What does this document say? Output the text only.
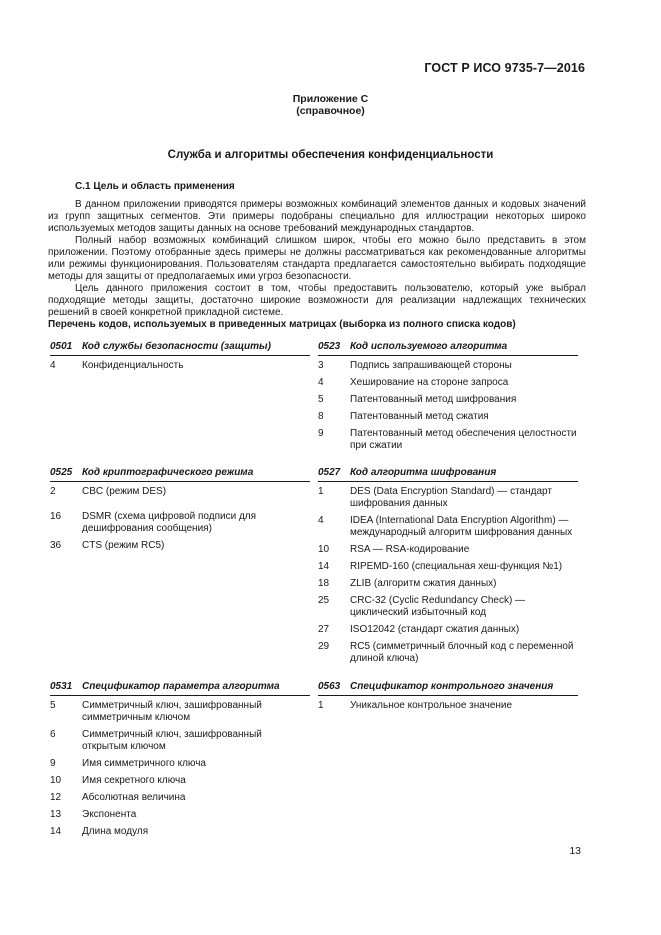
ГОСТ Р ИСО 9735-7—2016
Приложение С
(справочное)
Служба и алгоритмы обеспечения конфиденциальности
С.1 Цель и область применения

В данном приложении приводятся примеры возможных комбинаций элементов данных и кодовых значений из групп защитных сегментов. Эти примеры подобраны специально для иллюстрации некоторых широко используемых методов защиты данных на основе требований международных стандартов.

Полный набор возможных комбинаций слишком широк, чтобы его можно было представить в этом приложении. Поэтому отобранные здесь примеры не должны рассматриваться как рекомендованные алгоритмы или режимы функционирования. Пользователям стандарта предлагается самостоятельно выбирать подходящие методы для защиты от предполагаемых ими угроз безопасности.

Цель данного приложения состоит в том, чтобы предоставить пользователю, который уже выбрал подходящие методы защиты, достаточно широкие возможности для реализации надлежащих технических решений в своей конкретной прикладной системе.

Перечень кодов, используемых в приведенных матрицах (выборка из полного списка кодов)

0501 Код службы безопасности (защиты)
4	Конфиденциальность
0523 Код используемого алгоритма
3	Подпись запрашивающей стороны
4	Хеширование на стороне запроса
5	Патентованный метод шифрования
8	Патентованный метод сжатия
9	Патентованный метод обеспечения целостности при сжатии
0525 Код криптографического режима
2	CBC (режим DES)
16 DSMR (схема цифровой подписи для дешифрования сообщения)
36 CTS (режим RC5)
0527 Код алгоритма шифрования
1	DES (Data Encryption Standard) — стандарт шифрования данных
4	IDEA (International Data Encryption Algorithm) — международный алгоритм шифрования данных
10 RSA — RSA-кодирование
14 RIPEMD-160 (специальная хеш-функция №1)
18 ZLIB (алгоритм сжатия данных)
25 CRC-32 (Cyclic Redundancy Check) — циклический избыточный код
27 ISO12042 (стандарт сжатия данных)
29 RC5 (симметричный блочный код с переменной длиной ключа)
0531 Спецификатор параметра алгоритма
5	Симметричный ключ, зашифрованный симметричным ключом
6	Симметричный ключ, зашифрованный открытым ключом
9	Имя симметричного ключа
10 Имя секретного ключа
12 Абсолютная величина
13 Экспонента
14 Длина модуля
0563 Спецификатор контрольного значения
1	Уникальное контрольное значение
13
